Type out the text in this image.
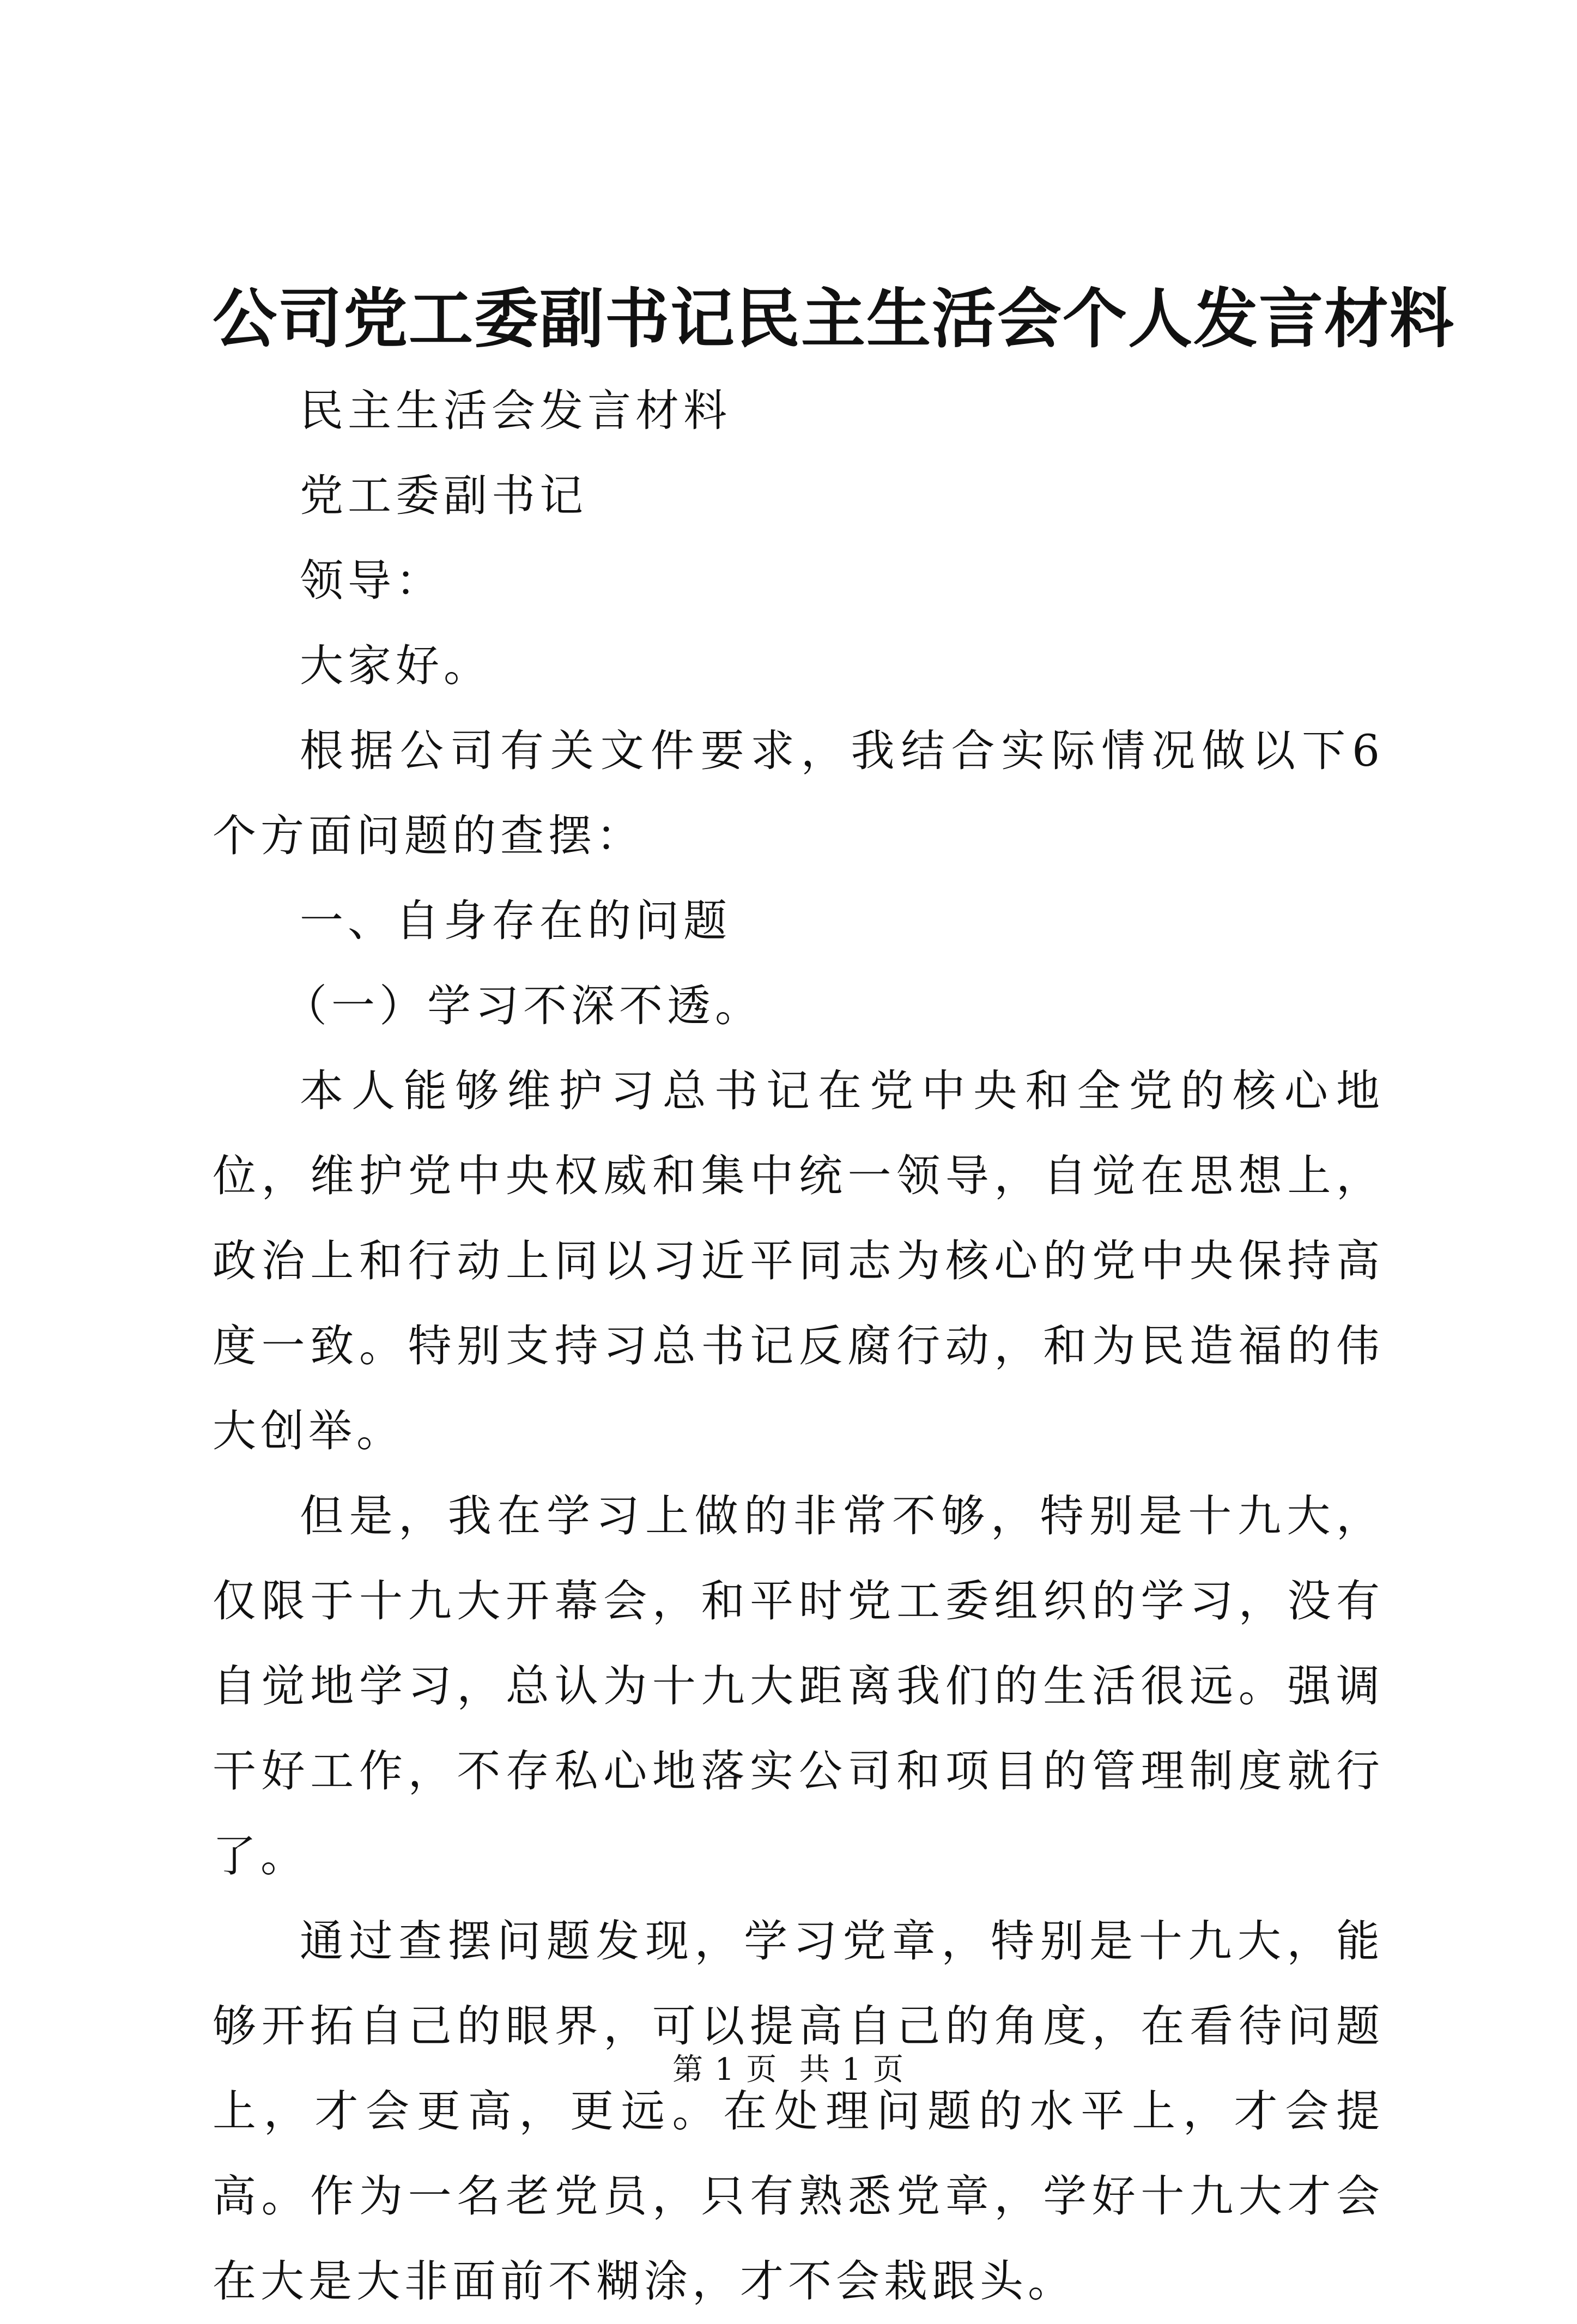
公司党工委副书记民主生活会个人发言材料

民主生活会发言材料

党工委副书记

领导：

大家好。

根据公司有关文件要求，我结合实际情况做以下6个方面问题的查摆：

一、自身存在的问题

（一）学习不深不透。

本人能够维护习总书记在党中央和全党的核心地位，维护党中央权威和集中统一领导，自觉在思想上，政治上和行动上同以习近平同志为核心的党中央保持高度一致。特别支持习总书记反腐行动，和为民造福的伟大创举。

但是，我在学习上做的非常不够，特别是十九大，仅限于十九大开幕会，和平时党工委组织的学习，没有自觉地学习，总认为十九大距离我们的生活很远。强调干好工作，不存私心地落实公司和项目的管理制度就行了。

通过查摆问题发现，学习党章，特别是十九大，能够开拓自己的眼界，可以提高自己的角度，在看待问题上，才会更高，更远。在处理问题的水平上，才会提高。作为一名老党员，只有熟悉党章，学好十九大才会在大是大非面前不糊涂，才不会栽跟头。

第 1 页  共 1 页
